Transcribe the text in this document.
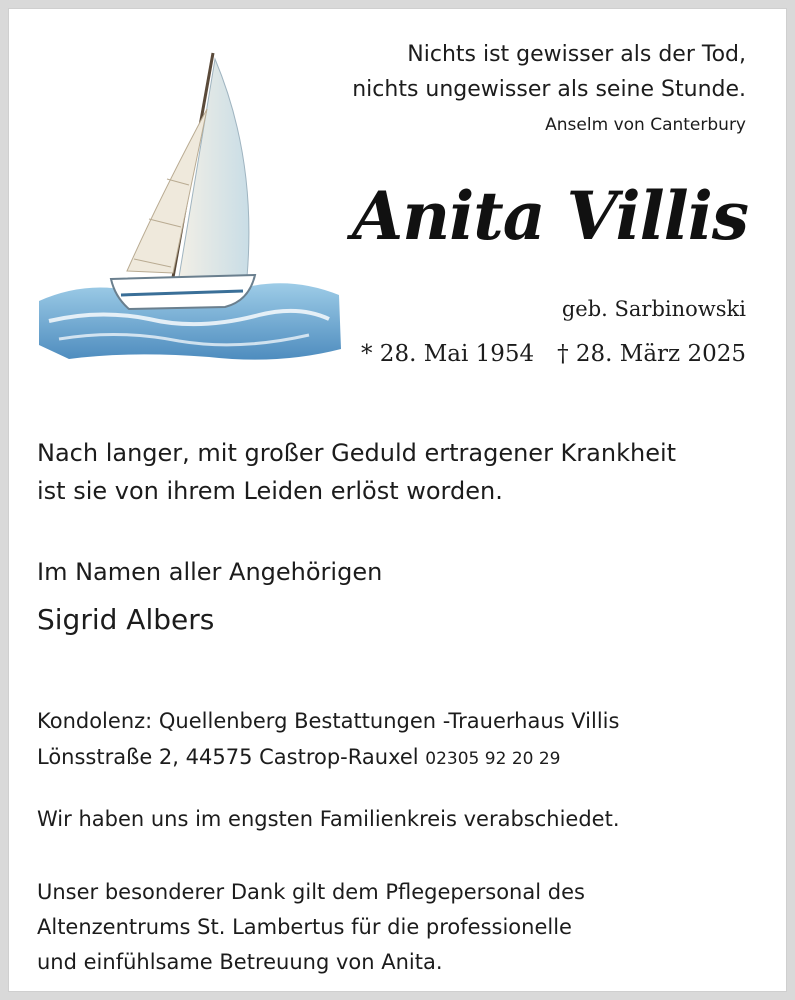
Nichts ist gewisser als der Tod,
nichts ungewisser als seine Stunde.
Anselm von Canterbury
Anita Villis
geb. Sarbinowski
* 28. Mai 1954 † 28. März 2025
Nach langer, mit großer Geduld ertragener Krankheit
ist sie von ihrem Leiden erlöst worden.
Im Namen aller Angehörigen
Sigrid Albers
Kondolenz: Quellenberg Bestattungen -Trauerhaus Villis
Lönsstraße 2, 44575 Castrop-Rauxel 02305 92 20 29
Wir haben uns im engsten Familienkreis verabschiedet.
Unser besonderer Dank gilt dem Pflegepersonal des
Altenzentrums St. Lambertus für die professionelle
und einfühlsame Betreuung von Anita.
